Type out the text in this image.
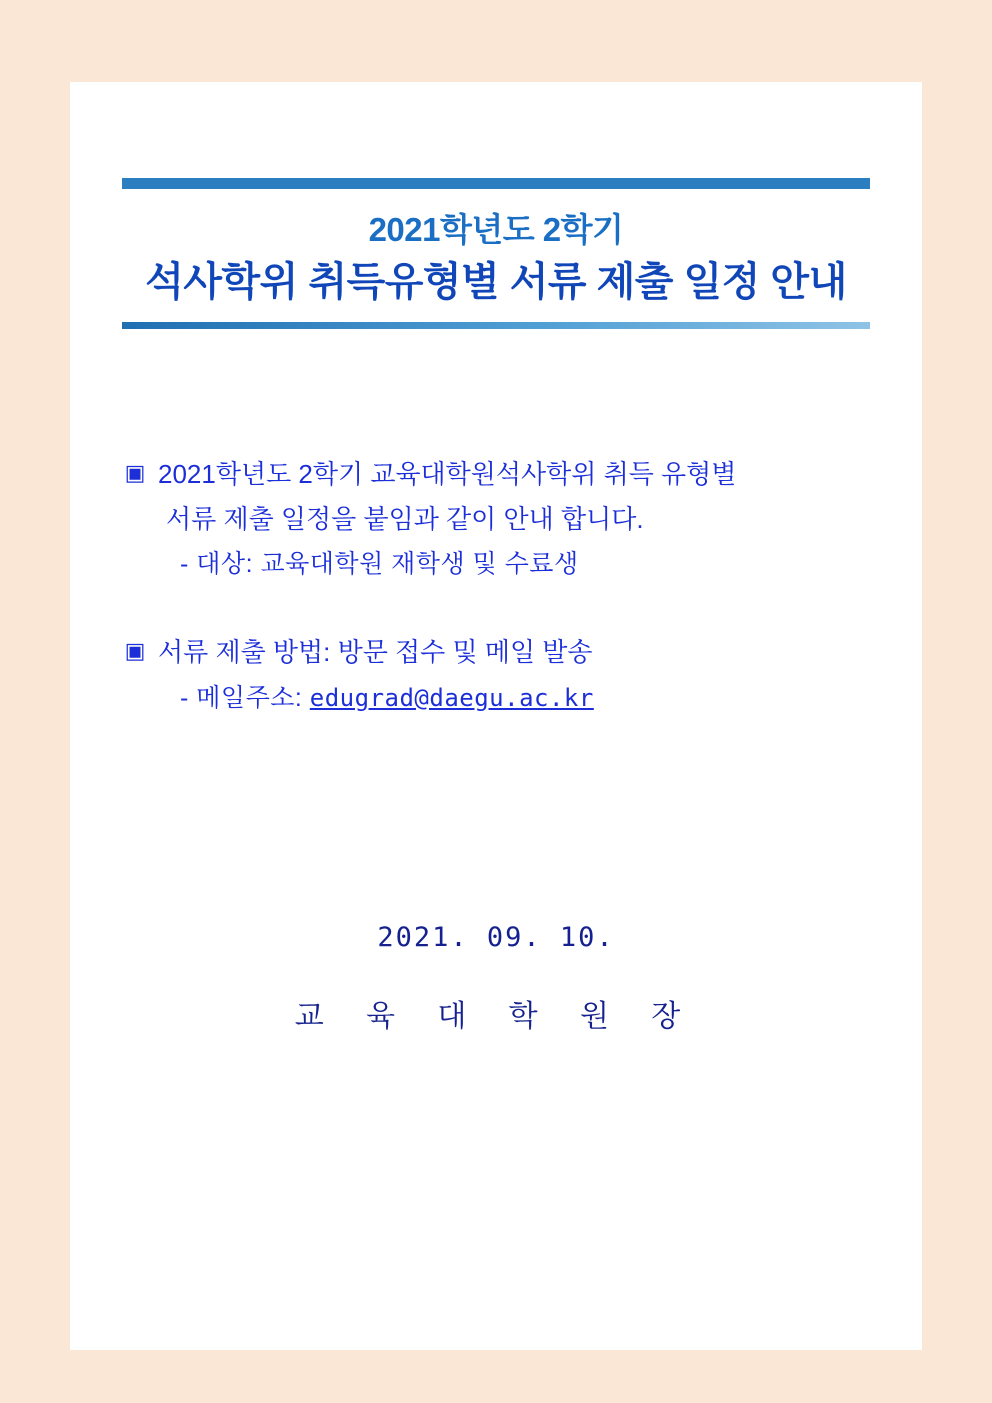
2021학년도 2학기
석사학위 취득유형별 서류 제출 일정 안내
▣ 2021학년도 2학기 교육대학원석사학위 취득 유형별
서류 제출 일정을 붙임과 같이 안내 합니다.
- 대상: 교육대학원 재학생 및 수료생
▣ 서류 제출 방법: 방문 접수 및 메일 발송
- 메일주소: edugrad@daegu.ac.kr
2021. 09. 10.
교 육 대 학 원 장
